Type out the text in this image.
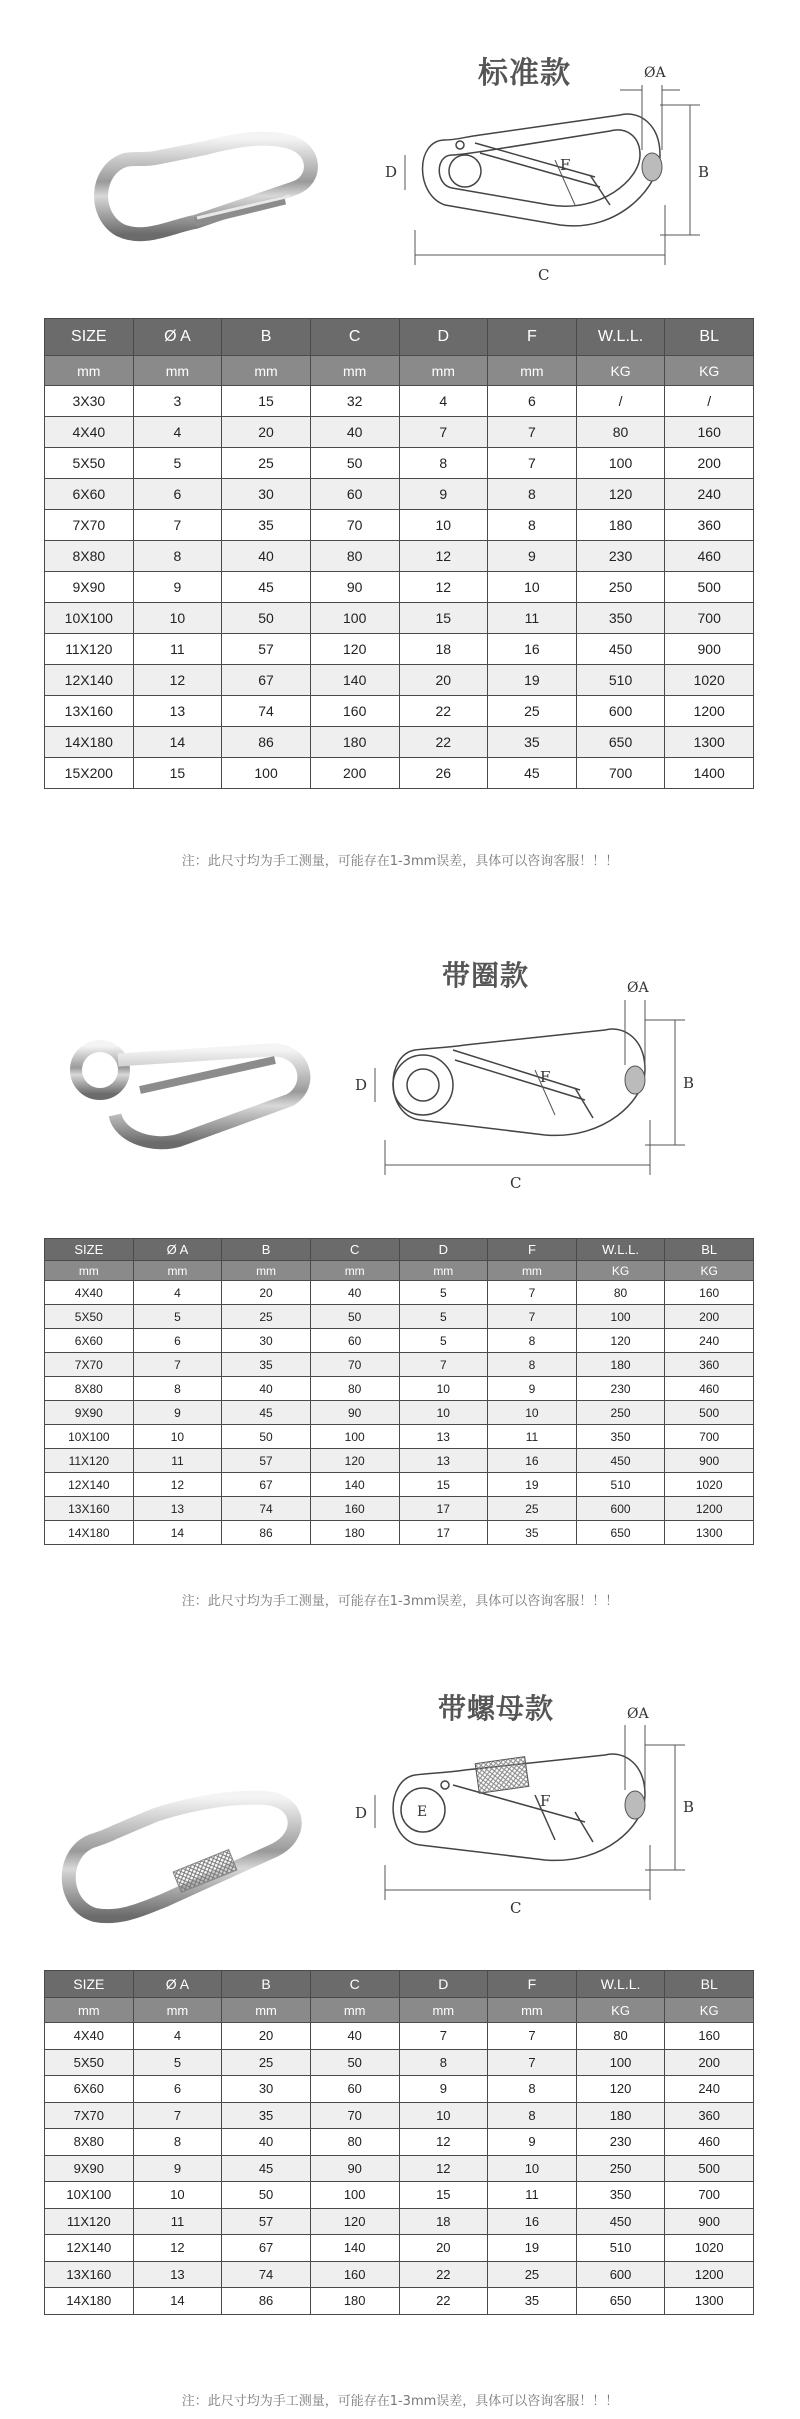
标准款	ØA
B
C
D	F
SIZE	Ø A	B	C	D	F	W.L.L.	BL
mm	mm	mm	mm	mm	mm	KG	KG
3X30	3	15	32	4	6	/	/
4X40	4	20	40	7	7	80	160
5X50	5	25	50	8	7	100	200
6X60	6	30	60	9	8	120	240
7X70	7	35	70	10	8	180	360
8X80	8	40	80	12	9	230	460
9X90	9	45	90	12	10	250	500
10X100	10	50	100	15	11	350	700
11X120	11	57	120	18	16	450	900
12X140	12	67	140	20	19	510	1020
13X160	13	74	160	22	25	600	1200
14X180	14	86	180	22	35	650	1300
15X200	15	100	200	26	45	700	1400
注：此尺寸均为手工测量，可能存在1-3mm误差，具体可以咨询客服！！！
带圈款	ØA
B
C
D	F
SIZE	Ø A	B	C	D	F	W.L.L.	BL
mm	mm	mm	mm	mm	mm	KG	KG
4X40	4	20	40	5	7	80	160
5X50	5	25	50	5	7	100	200
6X60	6	30	60	5	8	120	240
7X70	7	35	70	7	8	180	360
8X80	8	40	80	10	9	230	460
9X90	9	45	90	10	10	250	500
10X100	10	50	100	13	11	350	700
11X120	11	57	120	13	16	450	900
12X140	12	67	140	15	19	510	1020
13X160	13	74	160	17	25	600	1200
14X180	14	86	180	17	35	650	1300
注：此尺寸均为手工测量，可能存在1-3mm误差，具体可以咨询客服！！！
带螺母款	ØA
B
C
D	E
F
SIZE	Ø A	B	C	D	F	W.L.L.	BL
mm	mm	mm	mm	mm	mm	KG	KG
4X40	4	20	40	7	7	80	160
5X50	5	25	50	8	7	100	200
6X60	6	30	60	9	8	120	240
7X70	7	35	70	10	8	180	360
8X80	8	40	80	12	9	230	460
9X90	9	45	90	12	10	250	500
10X100	10	50	100	15	11	350	700
11X120	11	57	120	18	16	450	900
12X140	12	67	140	20	19	510	1020
13X160	13	74	160	22	25	600	1200
14X180	14	86	180	22	35	650	1300
注：此尺寸均为手工测量，可能存在1-3mm误差，具体可以咨询客服！！！
